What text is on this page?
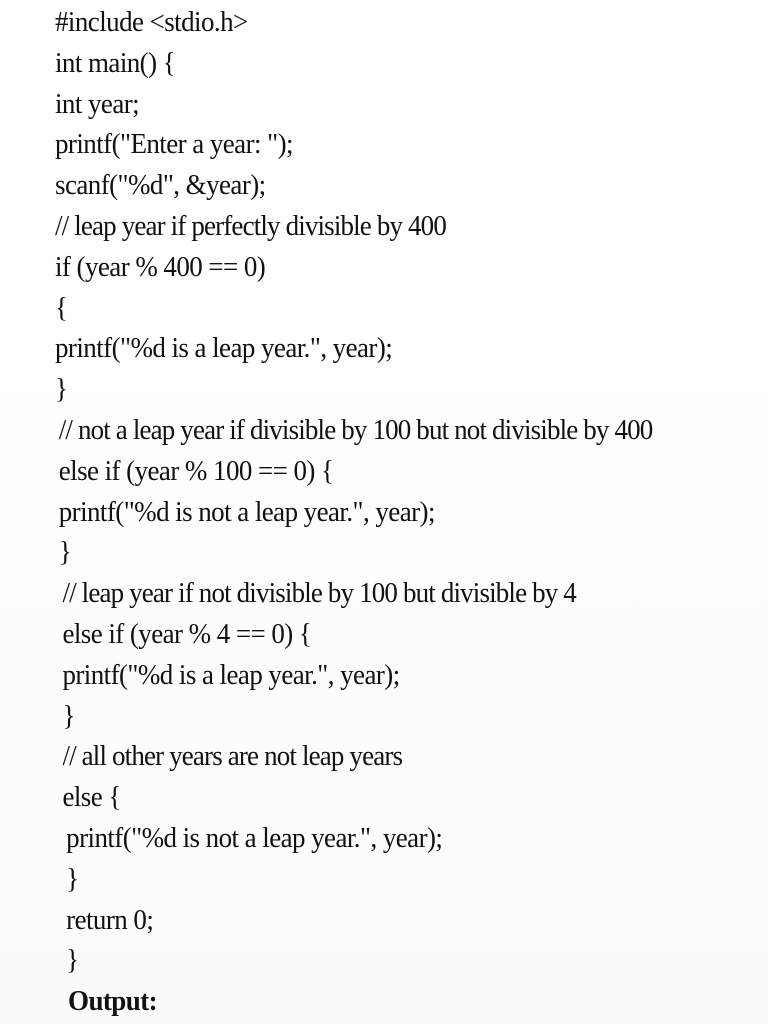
#include <stdio.h>
int main() {
int year;
printf("Enter a year: ");
scanf("%d", &year);
// leap year if perfectly divisible by 400
if (year % 400 == 0)
{
printf("%d is a leap year.", year);
}
// not a leap year if divisible by 100 but not divisible by 400
else if (year % 100 == 0) {
printf("%d is not a leap year.", year);
}
// leap year if not divisible by 100 but divisible by 4
else if (year % 4 == 0) {
printf("%d is a leap year.", year);
}
// all other years are not leap years
else {
printf("%d is not a leap year.", year);
}
return 0;
}
Output:
